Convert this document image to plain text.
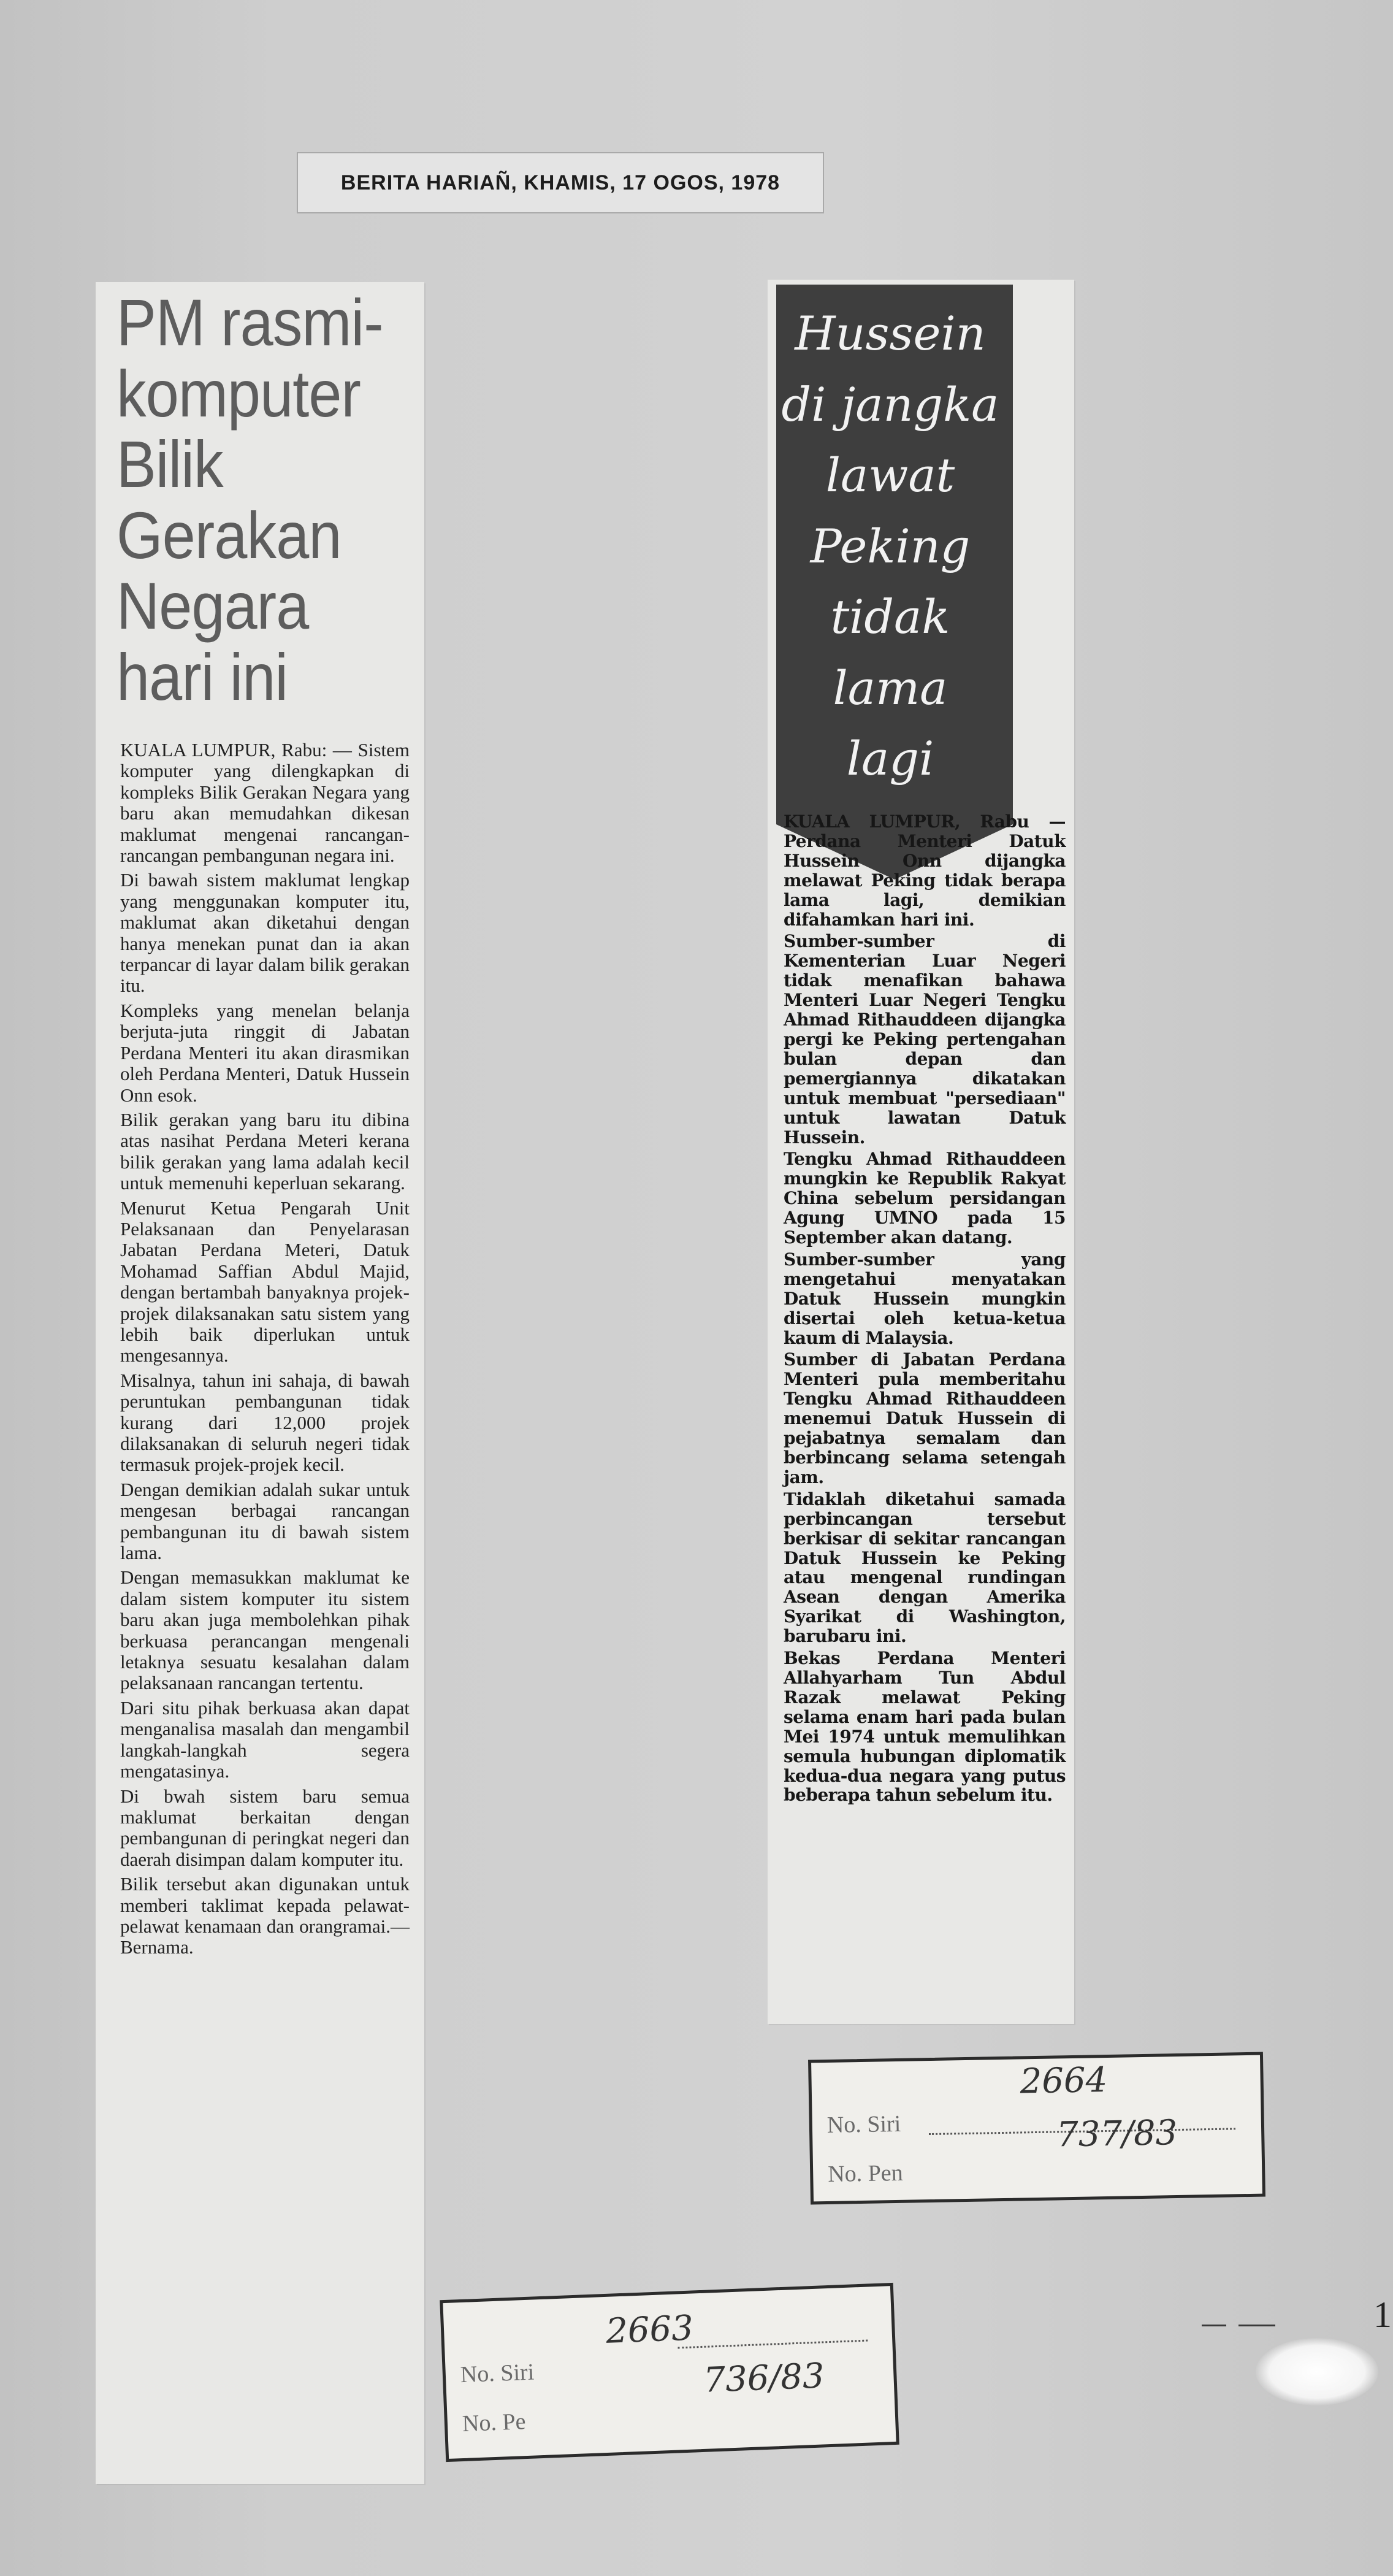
BERITA HARIAÑ, KHAMIS, 17 OGOS, 1978
PM rasmi-
komputer
Bilik
Gerakan
Negara
hari ini

KUALA LUMPUR, Rabu: — Sistem komputer yang dilengkapkan di kompleks Bilik Gerakan Negara yang baru akan memudahkan dikesan maklumat mengenai rancangan-rancangan pembangunan negara ini.

Di bawah sistem maklumat lengkap yang menggunakan komputer itu, maklumat akan diketahui dengan hanya menekan punat dan ia akan terpancar di layar dalam bilik gerakan itu.

Kompleks yang menelan belanja berjuta-juta ringgit di Jabatan Perdana Menteri itu akan dirasmikan oleh Perdana Menteri, Datuk Hussein Onn esok.

Bilik gerakan yang baru itu dibina atas nasihat Perdana Meteri kerana bilik gerakan yang lama adalah kecil untuk memenuhi keperluan sekarang.

Menurut Ketua Pengarah Unit Pelaksanaan dan Penyelarasan Jabatan Perdana Meteri, Datuk Mohamad Saffian Abdul Majid, dengan bertambah banyaknya projek-projek dilaksanakan satu sistem yang lebih baik diperlukan untuk mengesannya.

Misalnya, tahun ini sahaja, di bawah peruntukan pembangunan tidak kurang dari 12,000 projek dilaksanakan di seluruh negeri tidak termasuk projek-projek kecil.

Dengan demikian adalah sukar untuk mengesan berbagai rancangan pembangunan itu di bawah sistem lama.

Dengan memasukkan maklumat ke dalam sistem komputer itu sistem baru akan juga membolehkan pihak berkuasa perancangan mengenali letaknya sesuatu kesalahan dalam pelaksanaan rancangan tertentu.

Dari situ pihak berkuasa akan dapat menganalisa masalah dan mengambil langkah-langkah segera mengatasinya.

Di bwah sistem baru semua maklumat berkaitan dengan pembangunan di peringkat negeri dan daerah disimpan dalam komputer itu.

Bilik tersebut akan digunakan untuk memberi taklimat kepada pelawat-pelawat kenamaan dan orangramai.— Bernama.

Hussein
di jangka
lawat
Peking
tidak
lama
lagi

KUALA LUMPUR, Rabu — Perdana Menteri Datuk Hussein Onn dijangka melawat Peking tidak berapa lama lagi, demikian difahamkan hari ini.

Sumber-sumber di Kementerian Luar Negeri tidak menafikan bahawa Menteri Luar Negeri Tengku Ahmad Rithauddeen dijangka pergi ke Peking pertengahan bulan depan dan pemergiannya dikatakan untuk membuat "persediaan" untuk lawatan Datuk Hussein.

Tengku Ahmad Rithauddeen mungkin ke Republik Rakyat China sebelum persidangan Agung UMNO pada 15 September akan datang.

Sumber-sumber yang mengetahui menyatakan Datuk Hussein mungkin disertai oleh ketua-ketua kaum di Malaysia.

Sumber di Jabatan Perdana Menteri pula memberitahu Tengku Ahmad Rithauddeen menemui Datuk Hussein di pejabatnya semalam dan berbincang selama setengah jam.

Tidaklah diketahui samada perbincangan tersebut berkisar di sekitar rancangan Datuk Hussein ke Peking atau mengenal rundingan Asean dengan Amerika Syarikat di Washington, barubaru ini.

Bekas Perdana Menteri Allahyarham Tun Abdul Razak melawat Peking selama enam hari pada bulan Mei 1974 untuk memulihkan semula hubungan diplomatik kedua-dua negara yang putus beberapa tahun sebelum itu.

No. Siri
2664
No. Pen
737/83
No. Siri
2663
No. Pe
736/83
1
